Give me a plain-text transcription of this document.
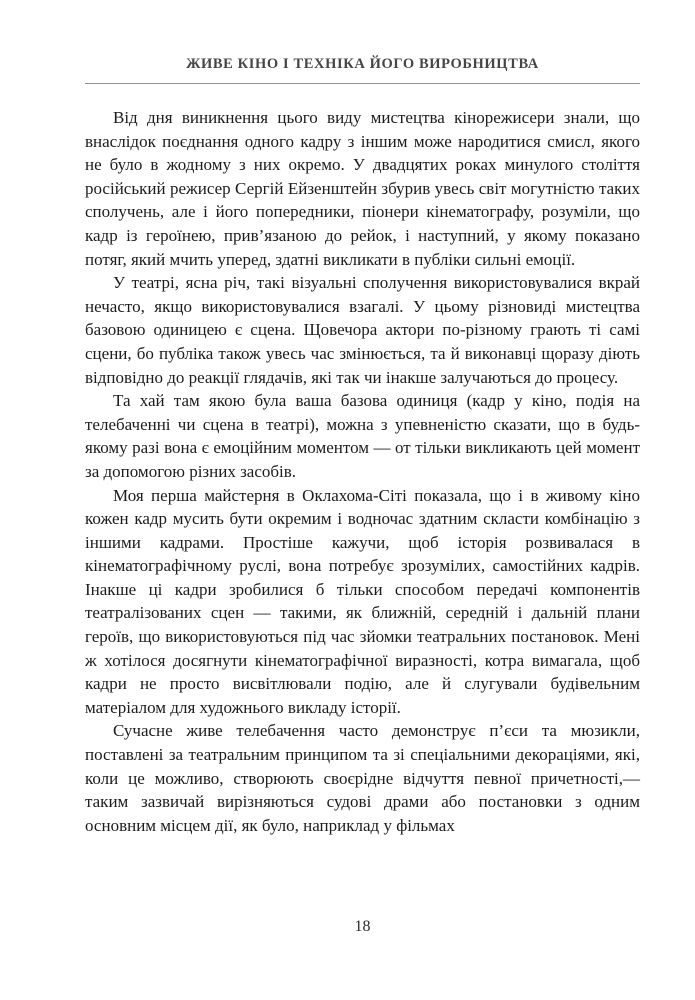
ЖИВЕ КІНО І ТЕХНІКА ЙОГО ВИРОБНИЦТВА

Від дня виникнення цього виду мистецтва кінорежисери знали, що внаслідок поєднання одного кадру з іншим може народитися смисл, якого не було в жодному з них окремо. У двадцятих роках минулого століття російський режисер Сергій Ейзенштейн збурив увесь світ могутністю таких сполучень, але і його попередники, піонери кінематографу, розуміли, що кадр із героїнею, прив’язаною до рейок, і наступний, у якому показано потяг, який мчить уперед, здатні викликати в публіки сильні емоції.

У театрі, ясна річ, такі візуальні сполучення використовувалися вкрай нечасто, якщо використовувалися взагалі. У цьому різновиді мистецтва базовою одиницею є сцена. Щовечора актори по-різному грають ті самі сцени, бо публіка також увесь час змінюється, та й виконавці щоразу діють відповідно до реакції глядачів, які так чи інакше залучаються до процесу.

Та хай там якою була ваша базова одиниця (кадр у кіно, подія на телебаченні чи сцена в театрі), можна з упевненістю сказати, що в будь-якому разі вона є емоційним моментом — от тільки викликають цей момент за допомогою різних засобів.

Моя перша майстерня в Оклахома-Сіті показала, що і в живому кіно кожен кадр мусить бути окремим і водночас здатним скласти комбінацію з іншими кадрами. Простіше кажучи, щоб історія розвивалася в кінематографічному руслі, вона потребує зрозумілих, самостійних кадрів. Інакше ці кадри зробилися б тільки способом передачі компонентів театралізованих сцен — такими, як ближній, середній і дальній плани героїв, що використовуються під час зйомки театральних постановок. Мені ж хотілося досягнути кінематографічної виразності, котра вимагала, щоб кадри не просто висвітлювали подію, але й слугували будівельним матеріалом для художнього викладу історії.

Сучасне живе телебачення часто демонструє п’єси та мюзикли, поставлені за театральним принципом та зі спеціальними декораціями, які, коли це можливо, створюють своєрідне відчуття певної причетності,— таким зазвичай вирізняються судові драми або постановки з одним основним місцем дії, як було, наприклад у фільмах

18
